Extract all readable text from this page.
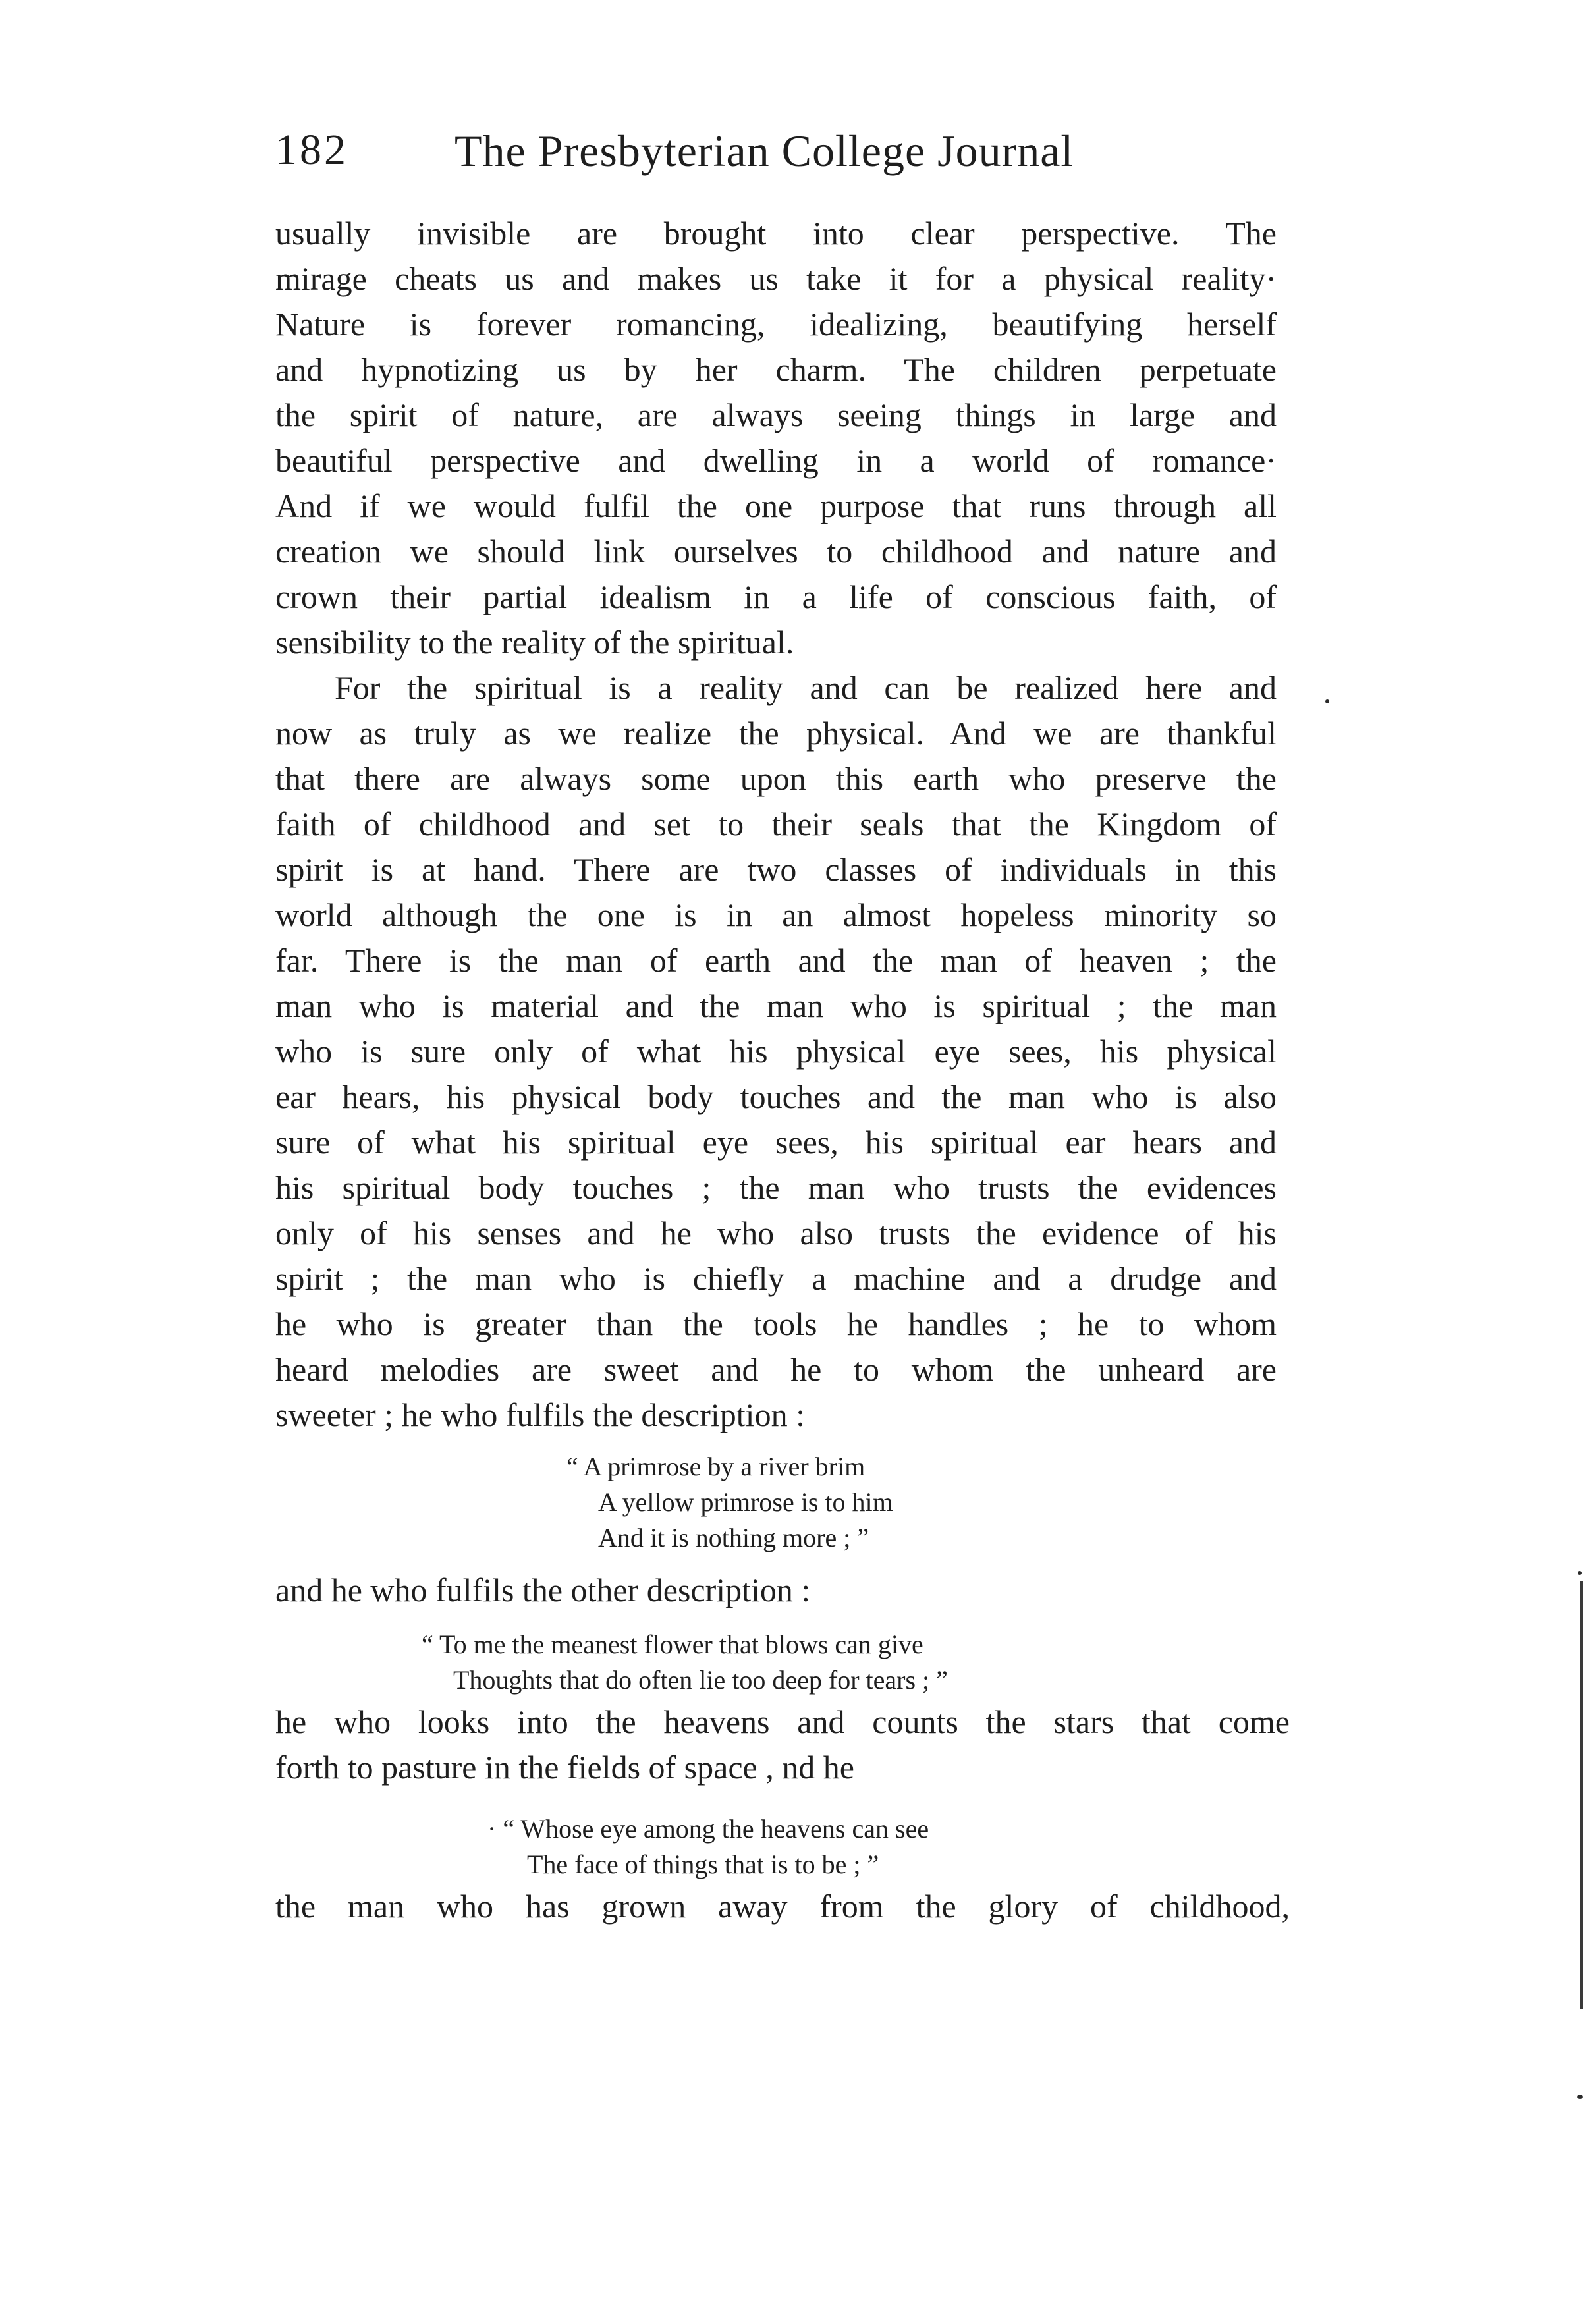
182 The Presbyterian College Journal
usually invisible are brought into clear perspective. The
mirage cheats us and makes us take it for a physical reality·
Nature is forever romancing, idealizing, beautifying herself
and hypnotizing us by her charm. The children perpetuate
the spirit of nature, are always seeing things in large and
beautiful perspective and dwelling in a world of romance·
And if we would fulfil the one purpose that runs through all
creation we should link ourselves to childhood and nature and
crown their partial idealism in a life of conscious faith, of
sensibility to the reality of the spiritual.
For the spiritual is a reality and can be realized here and
now as truly as we realize the physical. And we are thankful
that there are always some upon this earth who preserve the
faith of childhood and set to their seals that the Kingdom of
spirit is at hand. There are two classes of individuals in this
world although the one is in an almost hopeless minority so
far. There is the man of earth and the man of heaven ; the
man who is material and the man who is spiritual ; the man
who is sure only of what his physical eye sees, his physical
ear hears, his physical body touches and the man who is also
sure of what his spiritual eye sees, his spiritual ear hears and
his spiritual body touches ; the man who trusts the evidences
only of his senses and he who also trusts the evidence of his
spirit ; the man who is chiefly a machine and a drudge and
he who is greater than the tools he handles ; he to whom
heard melodies are sweet and he to whom the unheard are
sweeter ; he who fulfils the description :
“ A primrose by a river brim
A yellow primrose is to him
And it is nothing more ; ”
and he who fulfils the other description :
“ To me the meanest flower that blows can give
Thoughts that do often lie too deep for tears ; ”
he who looks into the heavens and counts the stars that come
forth to pasture in the fields of space , nd he
· “ Whose eye among the heavens can see
The face of things that is to be ; ”
the man who has grown away from the glory of childhood,
